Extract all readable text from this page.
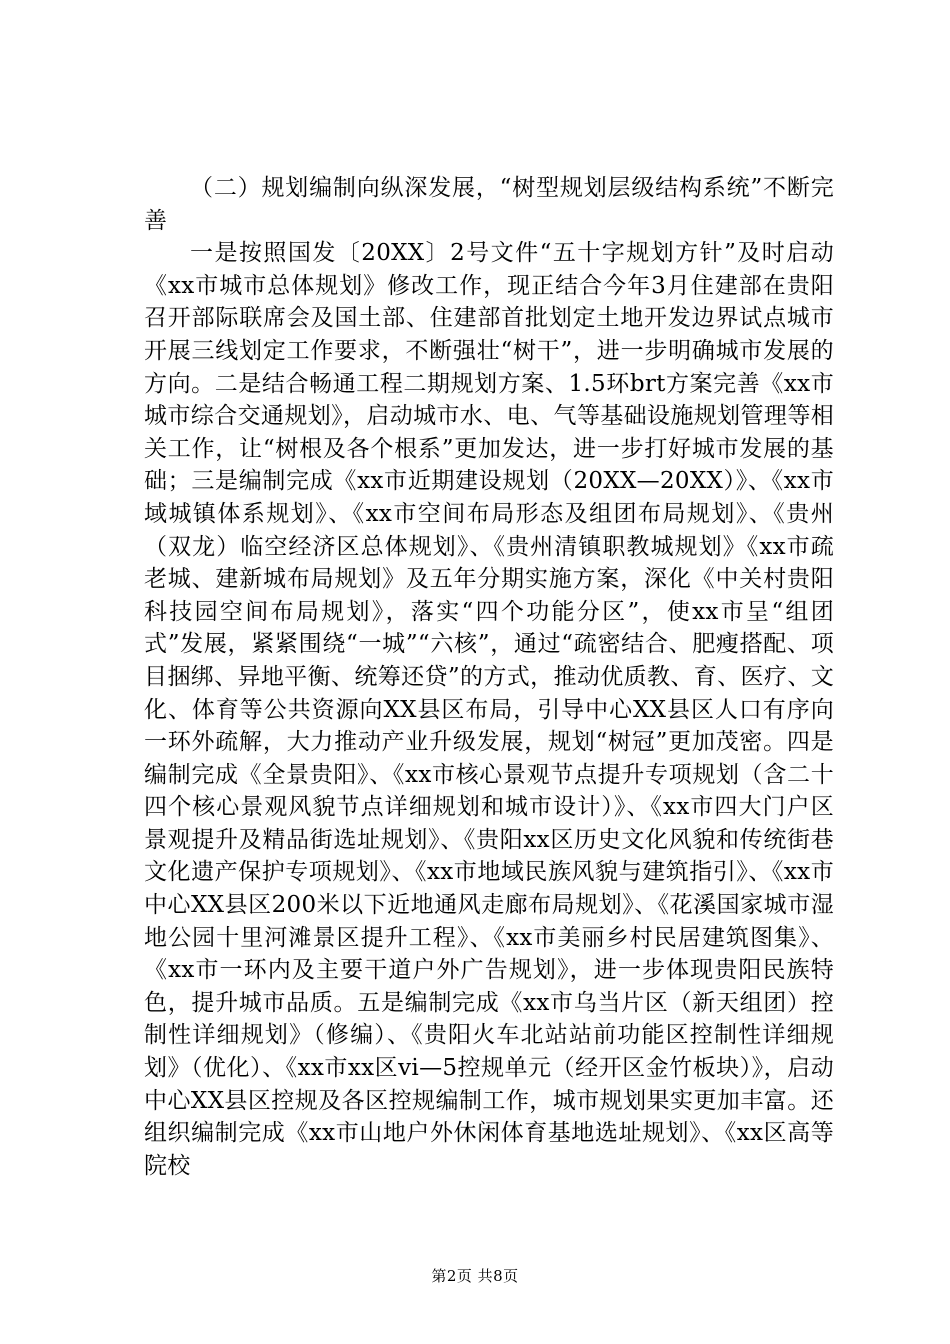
（二）规划编制向纵深发展，“树型规划层级结构系统”不断完善

一是按照国发〔20XX〕2号文件“五十字规划方针”及时启动《xx市城市总体规划》修改工作，现正结合今年3月住建部在贵阳召开部际联席会及国土部、住建部首批划定土地开发边界试点城市开展三线划定工作要求，不断强壮“树干”，进一步明确城市发展的方向。二是结合畅通工程二期规划方案、1.5环brt方案完善《xx市城市综合交通规划》，启动城市水、电、气等基础设施规划管理等相关工作，让“树根及各个根系”更加发达，进一步打好城市发展的基础；三是编制完成《xx市近期建设规划（20XX—20XX）》、《xx市域城镇体系规划》、《xx市空间布局形态及组团布局规划》、《贵州（双龙）临空经济区总体规划》、《贵州清镇职教城规划》《xx市疏老城、建新城布局规划》及五年分期实施方案，深化《中关村贵阳科技园空间布局规划》，落实“四个功能分区”，使xx市呈“组团式”发展，紧紧围绕“一城”“六核”，通过“疏密结合、肥瘦搭配、项目捆绑、异地平衡、统筹还贷”的方式，推动优质教、育、医疗、文化、体育等公共资源向XX县区布局，引导中心XX县区人口有序向一环外疏解，大力推动产业升级发展，规划“树冠”更加茂密。四是编制完成《全景贵阳》、《xx市核心景观节点提升专项规划（含二十四个核心景观风貌节点详细规划和城市设计）》、《xx市四大门户区景观提升及精品街选址规划》、《贵阳xx区历史文化风貌和传统街巷文化遗产保护专项规划》、《xx市地域民族风貌与建筑指引》、《xx市中心XX县区200米以下近地通风走廊布局规划》、《花溪国家城市湿地公园十里河滩景区提升工程》、《xx市美丽乡村民居建筑图集》、《xx市一环内及主要干道户外广告规划》，进一步体现贵阳民族特色，提升城市品质。五是编制完成《xx市乌当片区（新天组团）控制性详细规划》（修编）、《贵阳火车北站站前功能区控制性详细规划》（优化）、《xx市xx区vi—5控规单元（经开区金竹板块）》，启动中心XX县区控规及各区控规编制工作，城市规划果实更加丰富。还组织编制完成《xx市山地户外休闲体育基地选址规划》、《xx区高等院校

第2页 共8页
